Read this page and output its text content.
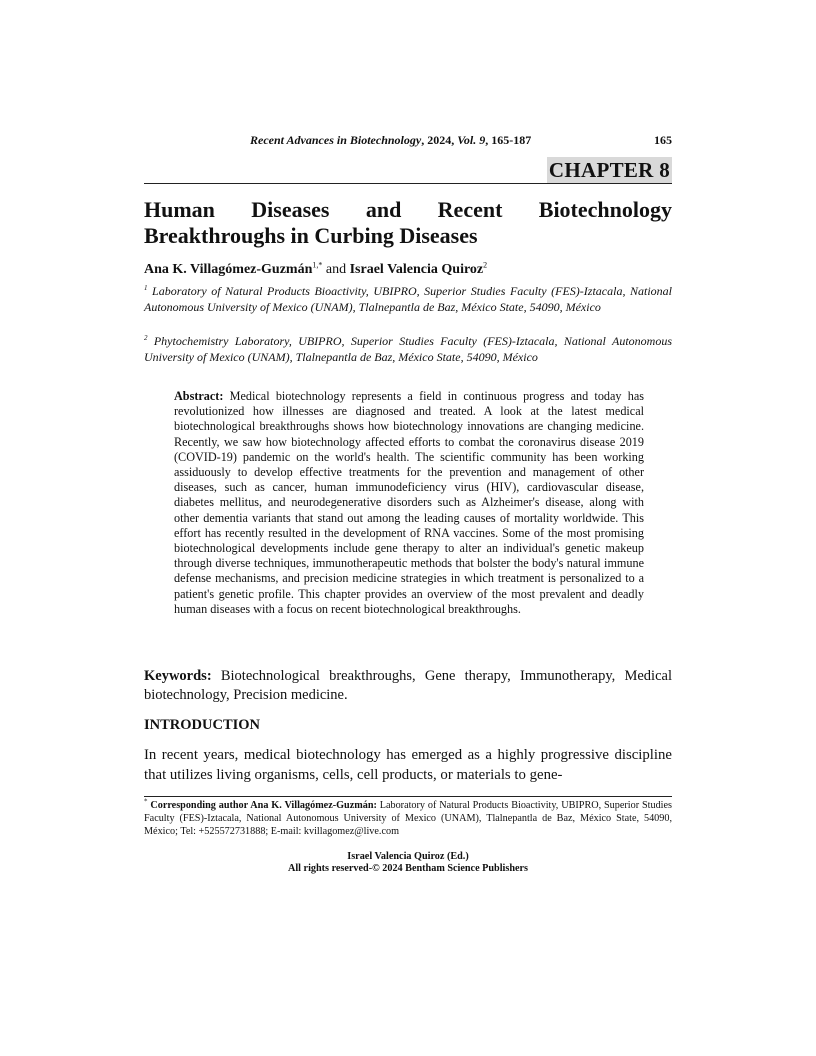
Recent Advances in Biotechnology, 2024, Vol. 9, 165-187	165
CHAPTER 8
Human Diseases and Recent Biotechnology Breakthroughs in Curbing Diseases
Ana K. Villagómez-Guzmán$^{1,*}$ and Israel Valencia Quiroz$^2$
$^1$ Laboratory of Natural Products Bioactivity, UBIPRO, Superior Studies Faculty (FES)-Iztacala, National Autonomous University of Mexico (UNAM), Tlalnepantla de Baz, México State, 54090, México
$^2$ Phytochemistry Laboratory, UBIPRO, Superior Studies Faculty (FES)-Iztacala, National Autonomous University of Mexico (UNAM), Tlalnepantla de Baz, México State, 54090, México
Abstract: Medical biotechnology represents a field in continuous progress and today has revolutionized how illnesses are diagnosed and treated. A look at the latest medical biotechnological breakthroughs shows how biotechnology innovations are changing medicine. Recently, we saw how biotechnology affected efforts to combat the coronavirus disease 2019 (COVID-19) pandemic on the world's health. The scientific community has been working assiduously to develop effective treatments for the prevention and management of other diseases, such as cancer, human immunodeficiency virus (HIV), cardiovascular disease, diabetes mellitus, and neurodegenerative disorders such as Alzheimer's disease, along with other dementia variants that stand out among the leading causes of mortality worldwide. This effort has recently resulted in the development of RNA vaccines. Some of the most promising biotechnological developments include gene therapy to alter an individual's genetic makeup through diverse techniques, immunotherapeutic methods that bolster the body's natural immune defense mechanisms, and precision medicine strategies in which treatment is personalized to a patient's genetic profile. This chapter provides an overview of the most prevalent and deadly human diseases with a focus on recent biotechnological breakthroughs.
Keywords: Biotechnological breakthroughs, Gene therapy, Immunotherapy, Medical biotechnology, Precision medicine.
INTRODUCTION
In recent years, medical biotechnology has emerged as a highly progressive discipline that utilizes living organisms, cells, cell products, or materials to gene-
* Corresponding author Ana K. Villagómez-Guzmán: Laboratory of Natural Products Bioactivity, UBIPRO, Superior Studies Faculty (FES)-Iztacala, National Autonomous University of Mexico (UNAM), Tlalnepantla de Baz, México State, 54090, México; Tel: +525572731888; E-mail: kvillagomez@live.com
Israel Valencia Quiroz (Ed.)
All rights reserved-© 2024 Bentham Science Publishers
